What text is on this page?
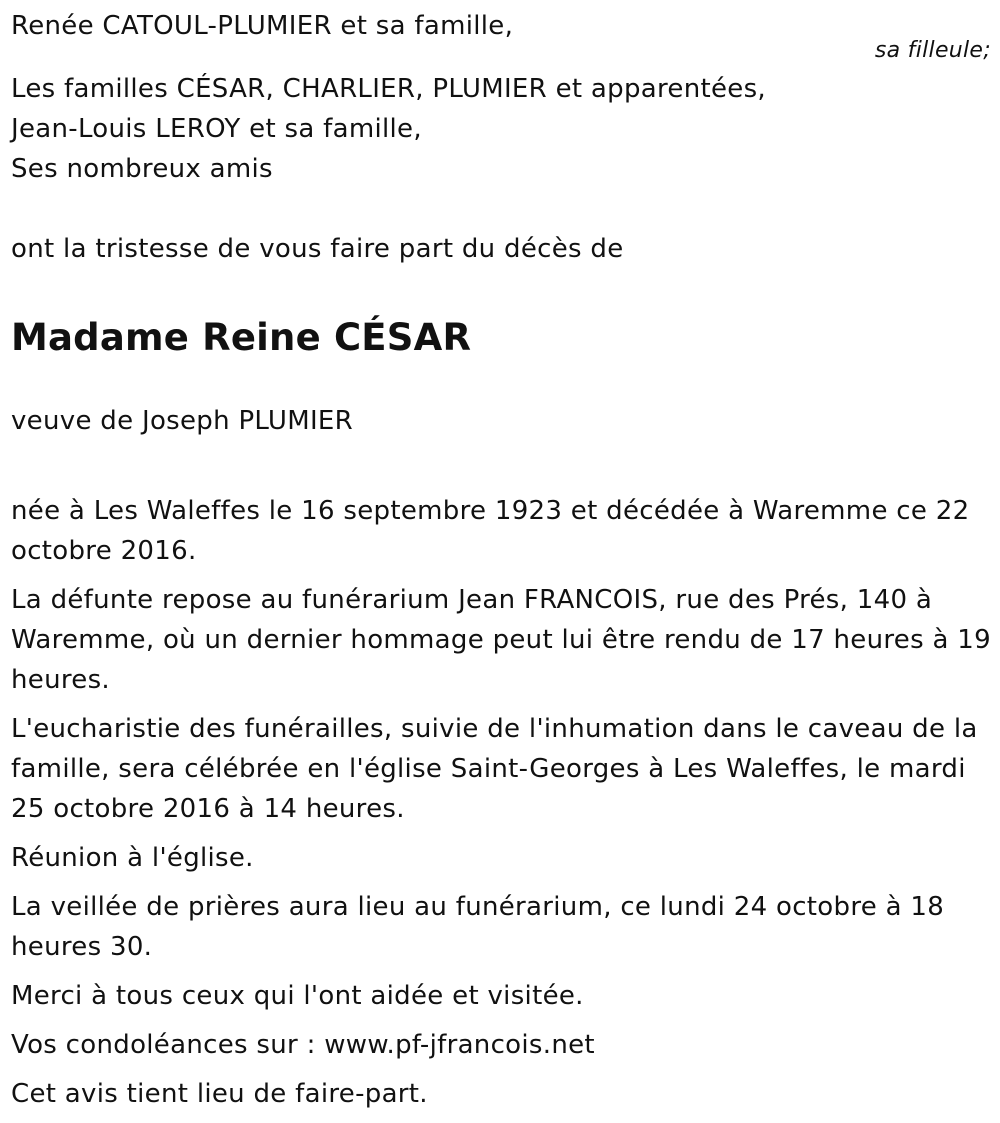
Renée CATOUL-PLUMIER et sa famille,
sa filleule;
Les familles CÉSAR, CHARLIER, PLUMIER et apparentées,
Jean-Louis LEROY et sa famille,
Ses nombreux amis
ont la tristesse de vous faire part du décès de
Madame Reine CÉSAR
veuve de Joseph PLUMIER
née à Les Waleffes le 16 septembre 1923 et décédée à Waremme ce 22 octobre 2016.
La défunte repose au funérarium Jean FRANCOIS, rue des Prés, 140 à Waremme, où un dernier hommage peut lui être rendu de 17 heures à 19 heures.
L'eucharistie des funérailles, suivie de l'inhumation dans le caveau de la famille, sera célébrée en l'église Saint-Georges à Les Waleffes, le mardi 25 octobre 2016 à 14 heures.
Réunion à l'église.
La veillée de prières aura lieu au funérarium, ce lundi 24 octobre à 18 heures 30.
Merci à tous ceux qui l'ont aidée et visitée.
Vos condoléances sur : www.pf-jfrancois.net
Cet avis tient lieu de faire-part.
